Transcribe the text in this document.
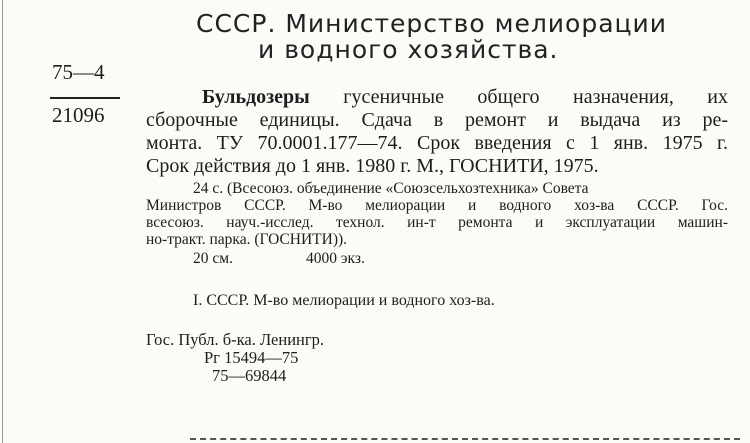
СССР. Министерство мелиорации
и водного хозяйства.
75—4
21096
Бульдозеры гусеничные общего назначения, их
сборочные единицы. Сдача в ремонт и выдача из ре-
монта. ТУ 70.0001.177—74. Срок введения с 1 янв. 1975 г.
Срок действия до 1 янв. 1980 г. М., ГОСНИТИ, 1975.
24 с. (Всесоюз. объединение «Союзсельхозтехника» Совета
Министров СССР. М-во мелиорации и водного хоз-ва СССР. Гос.
всесоюз. науч.-исслед. технол. ин-т ремонта и эксплуатации машин-
но-тракт. парка. (ГОСНИТИ)).
20 см.	4000 экз.
I. СССР. М-во мелиорации и водного хоз-ва.
Гос. Публ. б-ка. Ленингр.
Рг 15494—75
75—69844
